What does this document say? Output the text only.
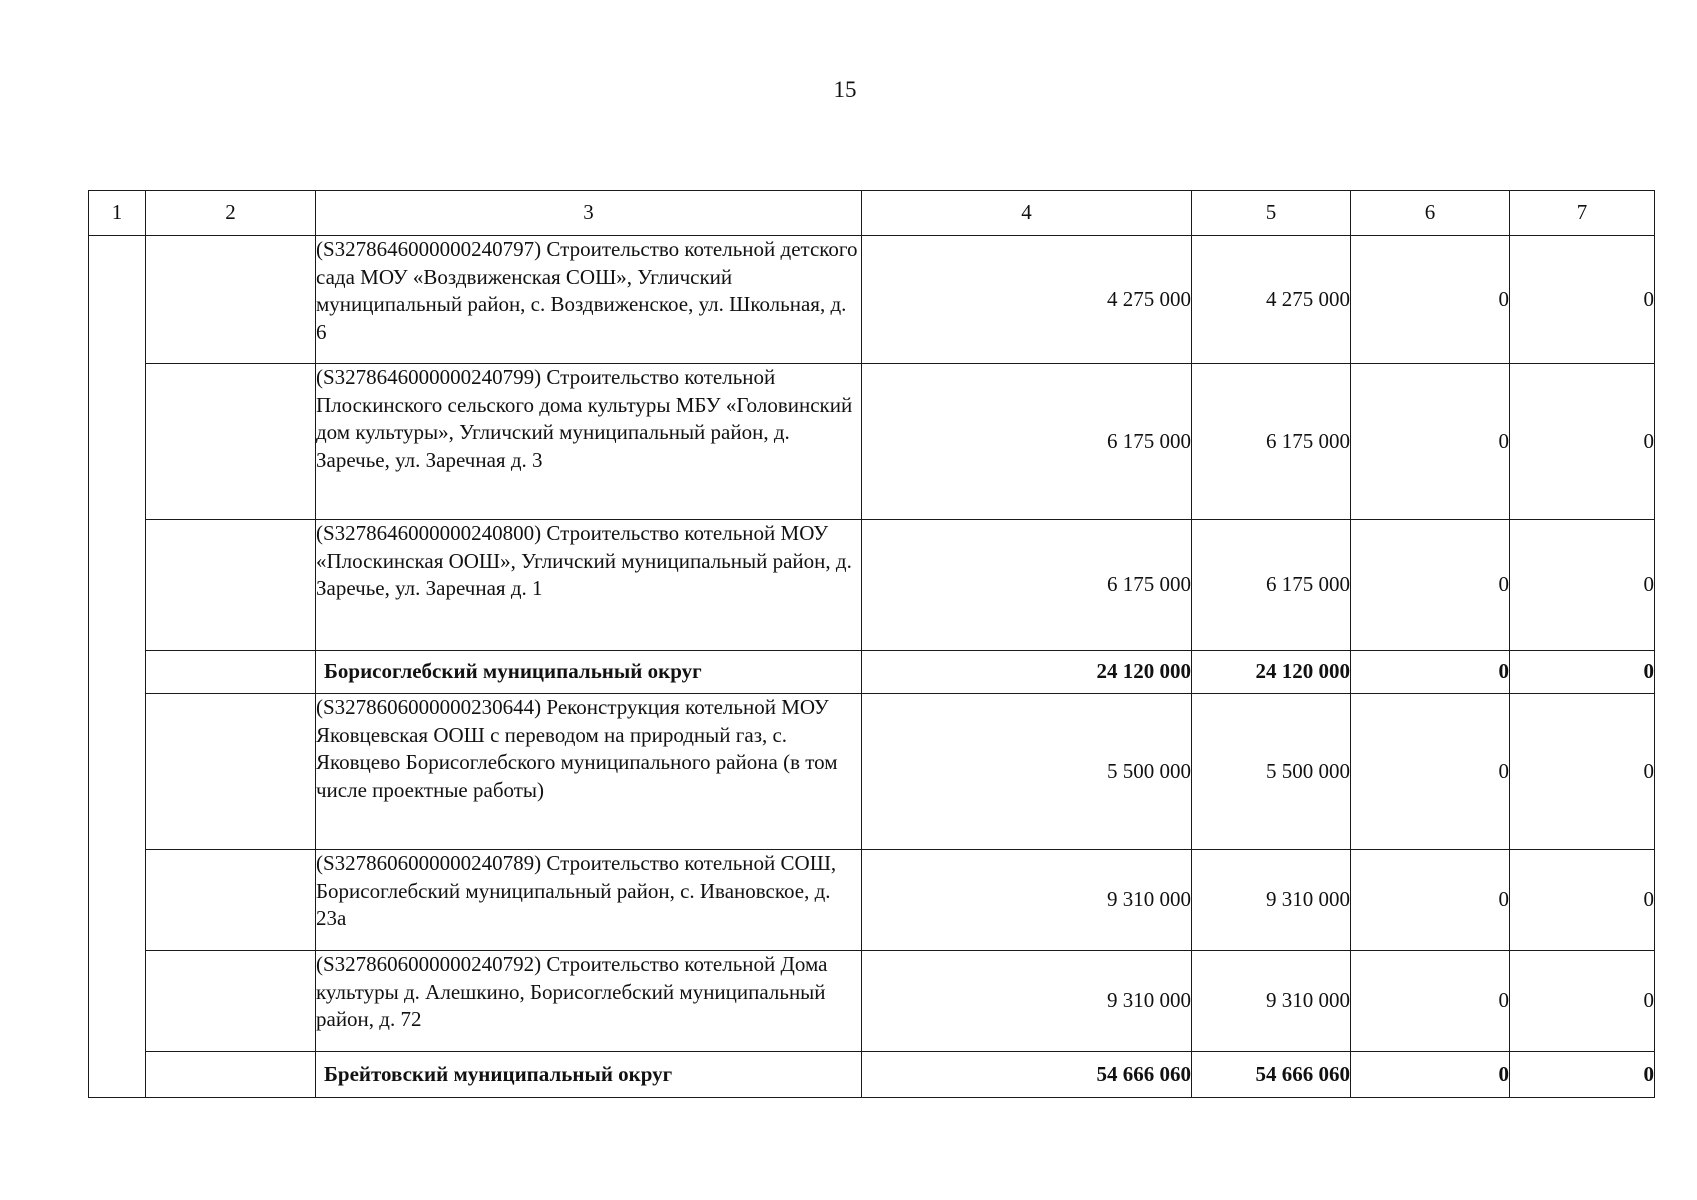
15
1	2	3	4	5	6	7
		(S3278646000000240797) Строительство котельной детского сада МОУ «Воздвиженская СОШ», Угличский муниципальный район, с. Воздвиженское, ул. Школьная, д. 6	4 275 000	4 275 000	0	0
		(S3278646000000240799) Строительство котельной Плоскинского сельского дома культуры МБУ «Головинский дом культуры», Угличский муниципальный район, д. Заречье, ул. Заречная д. 3	6 175 000	6 175 000	0	0
		(S3278646000000240800) Строительство котельной МОУ «Плоскинская ООШ», Угличский муниципальный район, д. Заречье, ул. Заречная д. 1	6 175 000	6 175 000	0	0
		Борисоглебский муниципальный округ	24 120 000	24 120 000	0	0
		(S3278606000000230644) Реконструкция котельной МОУ Яковцевская ООШ с переводом на природный газ, с. Яковцево Борисоглебского муниципального района (в том числе проектные работы)	5 500 000	5 500 000	0	0
		(S3278606000000240789) Строительство котельной СОШ, Борисоглебский муниципальный район, с. Ивановское, д. 23а	9 310 000	9 310 000	0	0
		(S3278606000000240792) Строительство котельной Дома культуры д. Алешкино, Борисоглебский муниципальный район, д. 72	9 310 000	9 310 000	0	0
		Брейтовский муниципальный округ	54 666 060	54 666 060	0	0
